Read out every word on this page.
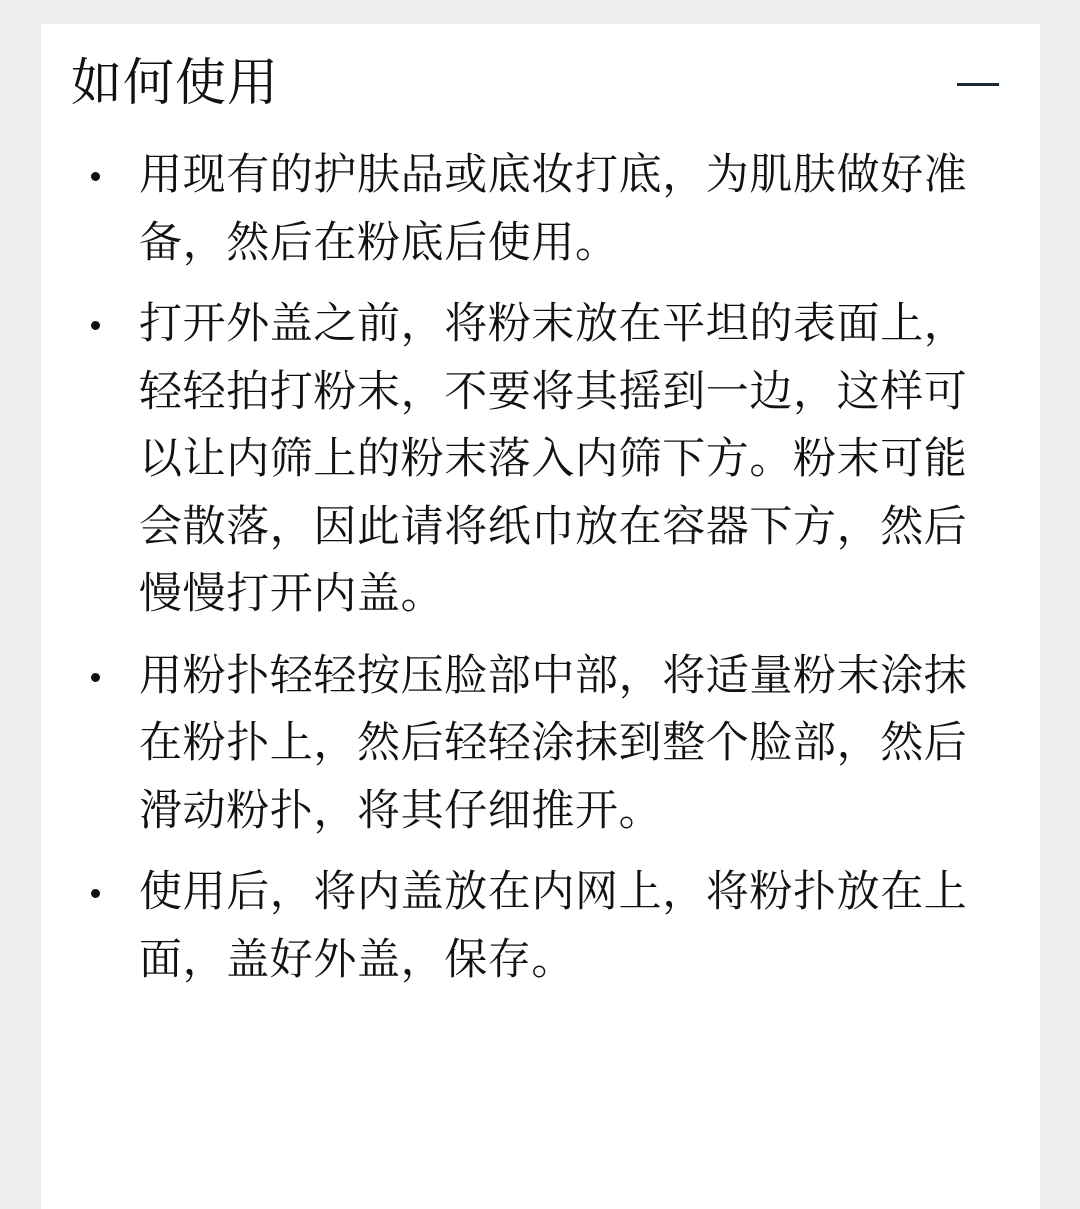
如何使用
用现有的护肤品或底妆打底，为肌肤做好准备，然后在粉底后使用。
打开外盖之前，将粉末放在平坦的表面上，轻轻拍打粉末，不要将其摇到一边，这样可以让内筛上的粉末落入内筛下方。粉末可能会散落，因此请将纸巾放在容器下方，然后慢慢打开内盖。
用粉扑轻轻按压脸部中部，将适量粉末涂抹在粉扑上，然后轻轻涂抹到整个脸部，然后滑动粉扑，将其仔细推开。
使用后，将内盖放在内网上，将粉扑放在上面，盖好外盖，保存。
